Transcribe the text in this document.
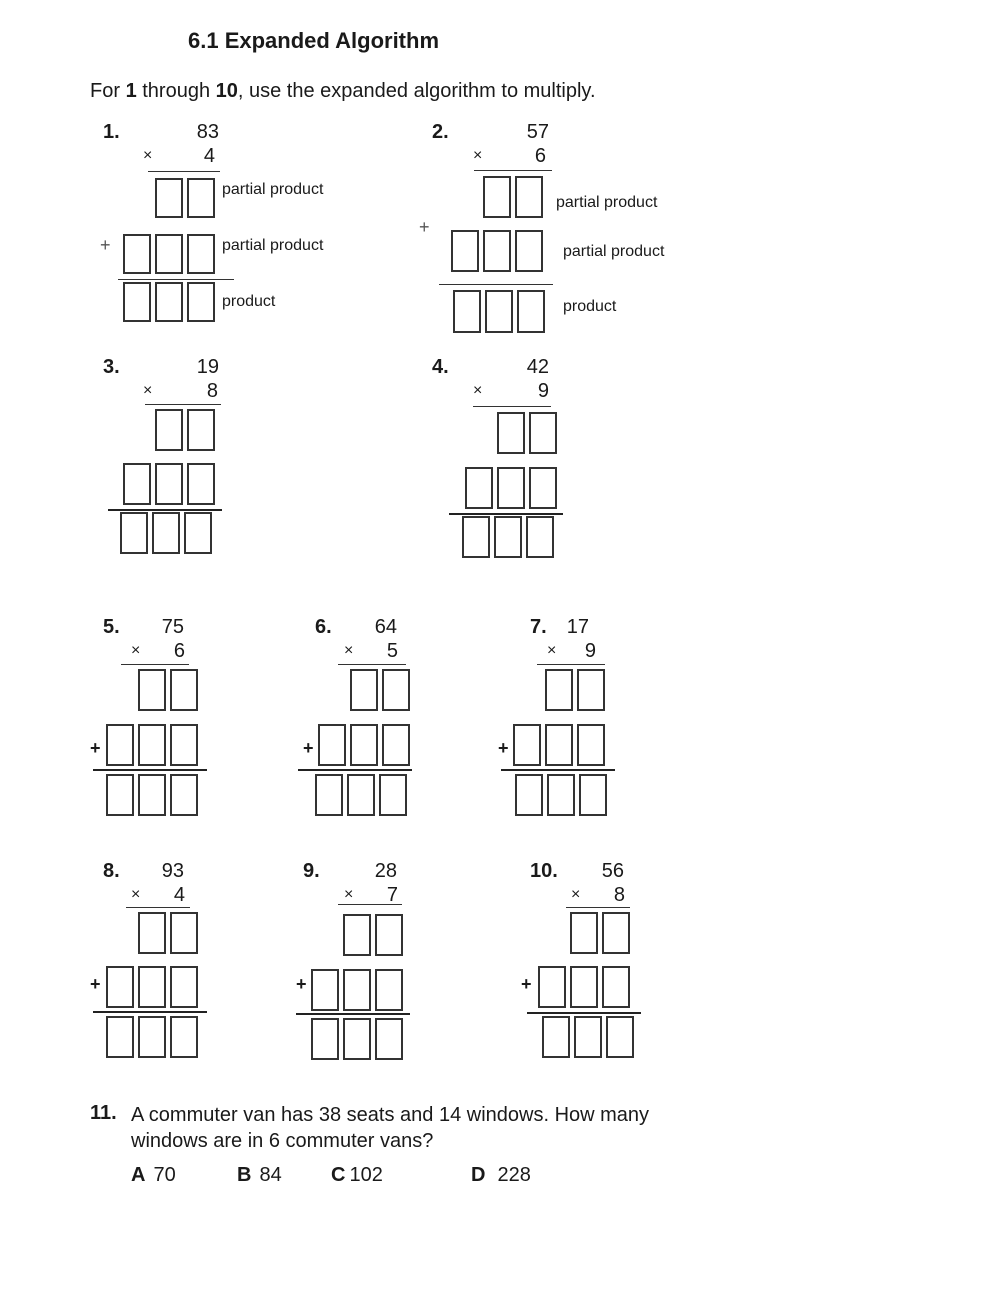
6.1 Expanded Algorithm
For 1 through 10, use the expanded algorithm to multiply.
1.	83
×	4
partial product
+	partial product
product
2.	57
×	6
partial product
+
partial product
product
3.	19
×	8
4.	42
×	9
5.	75
×	6
+
6.	64
×	5
+
7.	17
×	9
+
8.	93
×	4
+
9.	28
×	7
+
10.	56
×	8
+
11. A commuter van has 38 seats and 14 windows. How many windows are in 6 commuter vans?
A 70	B 84 C 102	D 228
